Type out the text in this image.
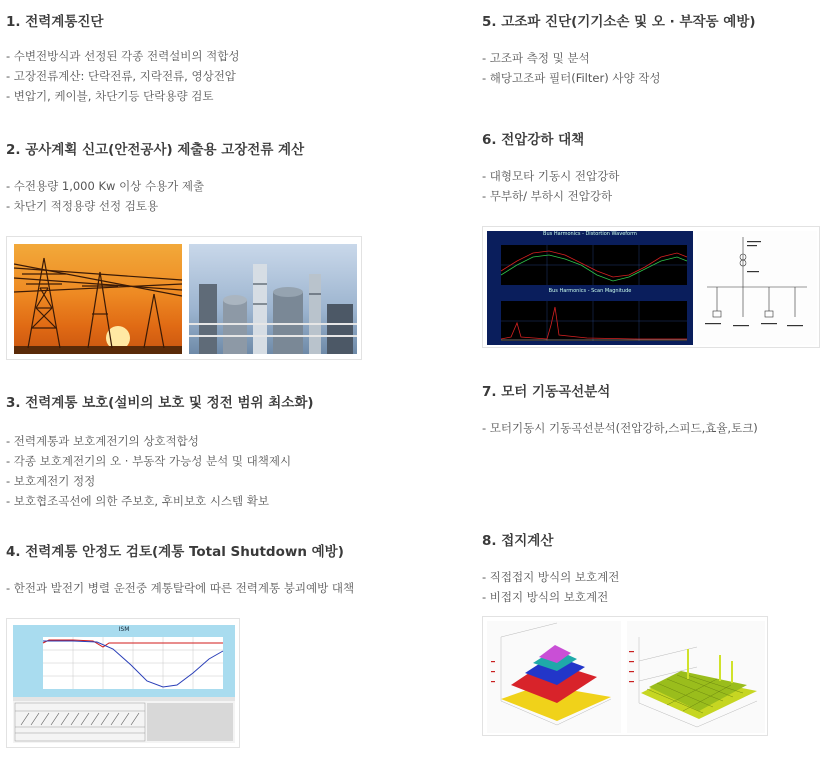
1. 전력계통진단
- 수변전방식과 선정된 각종 전력설비의 적합성
- 고장전류계산: 단락전류, 지락전류, 영상전압
- 변압기, 케이블, 차단기등 단락용량 검토
2. 공사계획 신고(안전공사) 제출용 고장전류 계산
- 수전용량 1,000 Kw 이상 수용가 제출
- 차단기 적정용량 선정 검토용
3. 전력계통 보호(설비의 보호 및 정전 범위 최소화)
- 전력계통과 보호계전기의 상호적합성
- 각종 보호계전기의 오 · 부동작 가능성 분석 및 대책제시
- 보호계전기 정정
- 보호협조곡선에 의한 주보호, 후비보호 시스템 확보
4. 전력계통 안정도 검토(계통 Total Shutdown 예방)
- 한전과 발전기 병렬 운전중 계통탈락에 따른 전력계통 붕괴예방 대책
ISM
5. 고조파 진단(기기소손 및 오 · 부작동 예방)
- 고조파 측정 및 분석
- 해당고조파 필터(Filter) 사양 작성
6. 전압강하 대책
- 대형모타 기동시 전압강하
- 무부하/ 부하시 전압강하
Bus Harmonics - Distortion Waveform
Bus Harmonics - Scan Magnitude
7. 모터 기동곡선분석
- 모터기동시 기동곡선분석(전압강하,스피드,효율,토크)
8. 접지계산
- 직접접지 방식의 보호계전
- 비접지 방식의 보호계전
